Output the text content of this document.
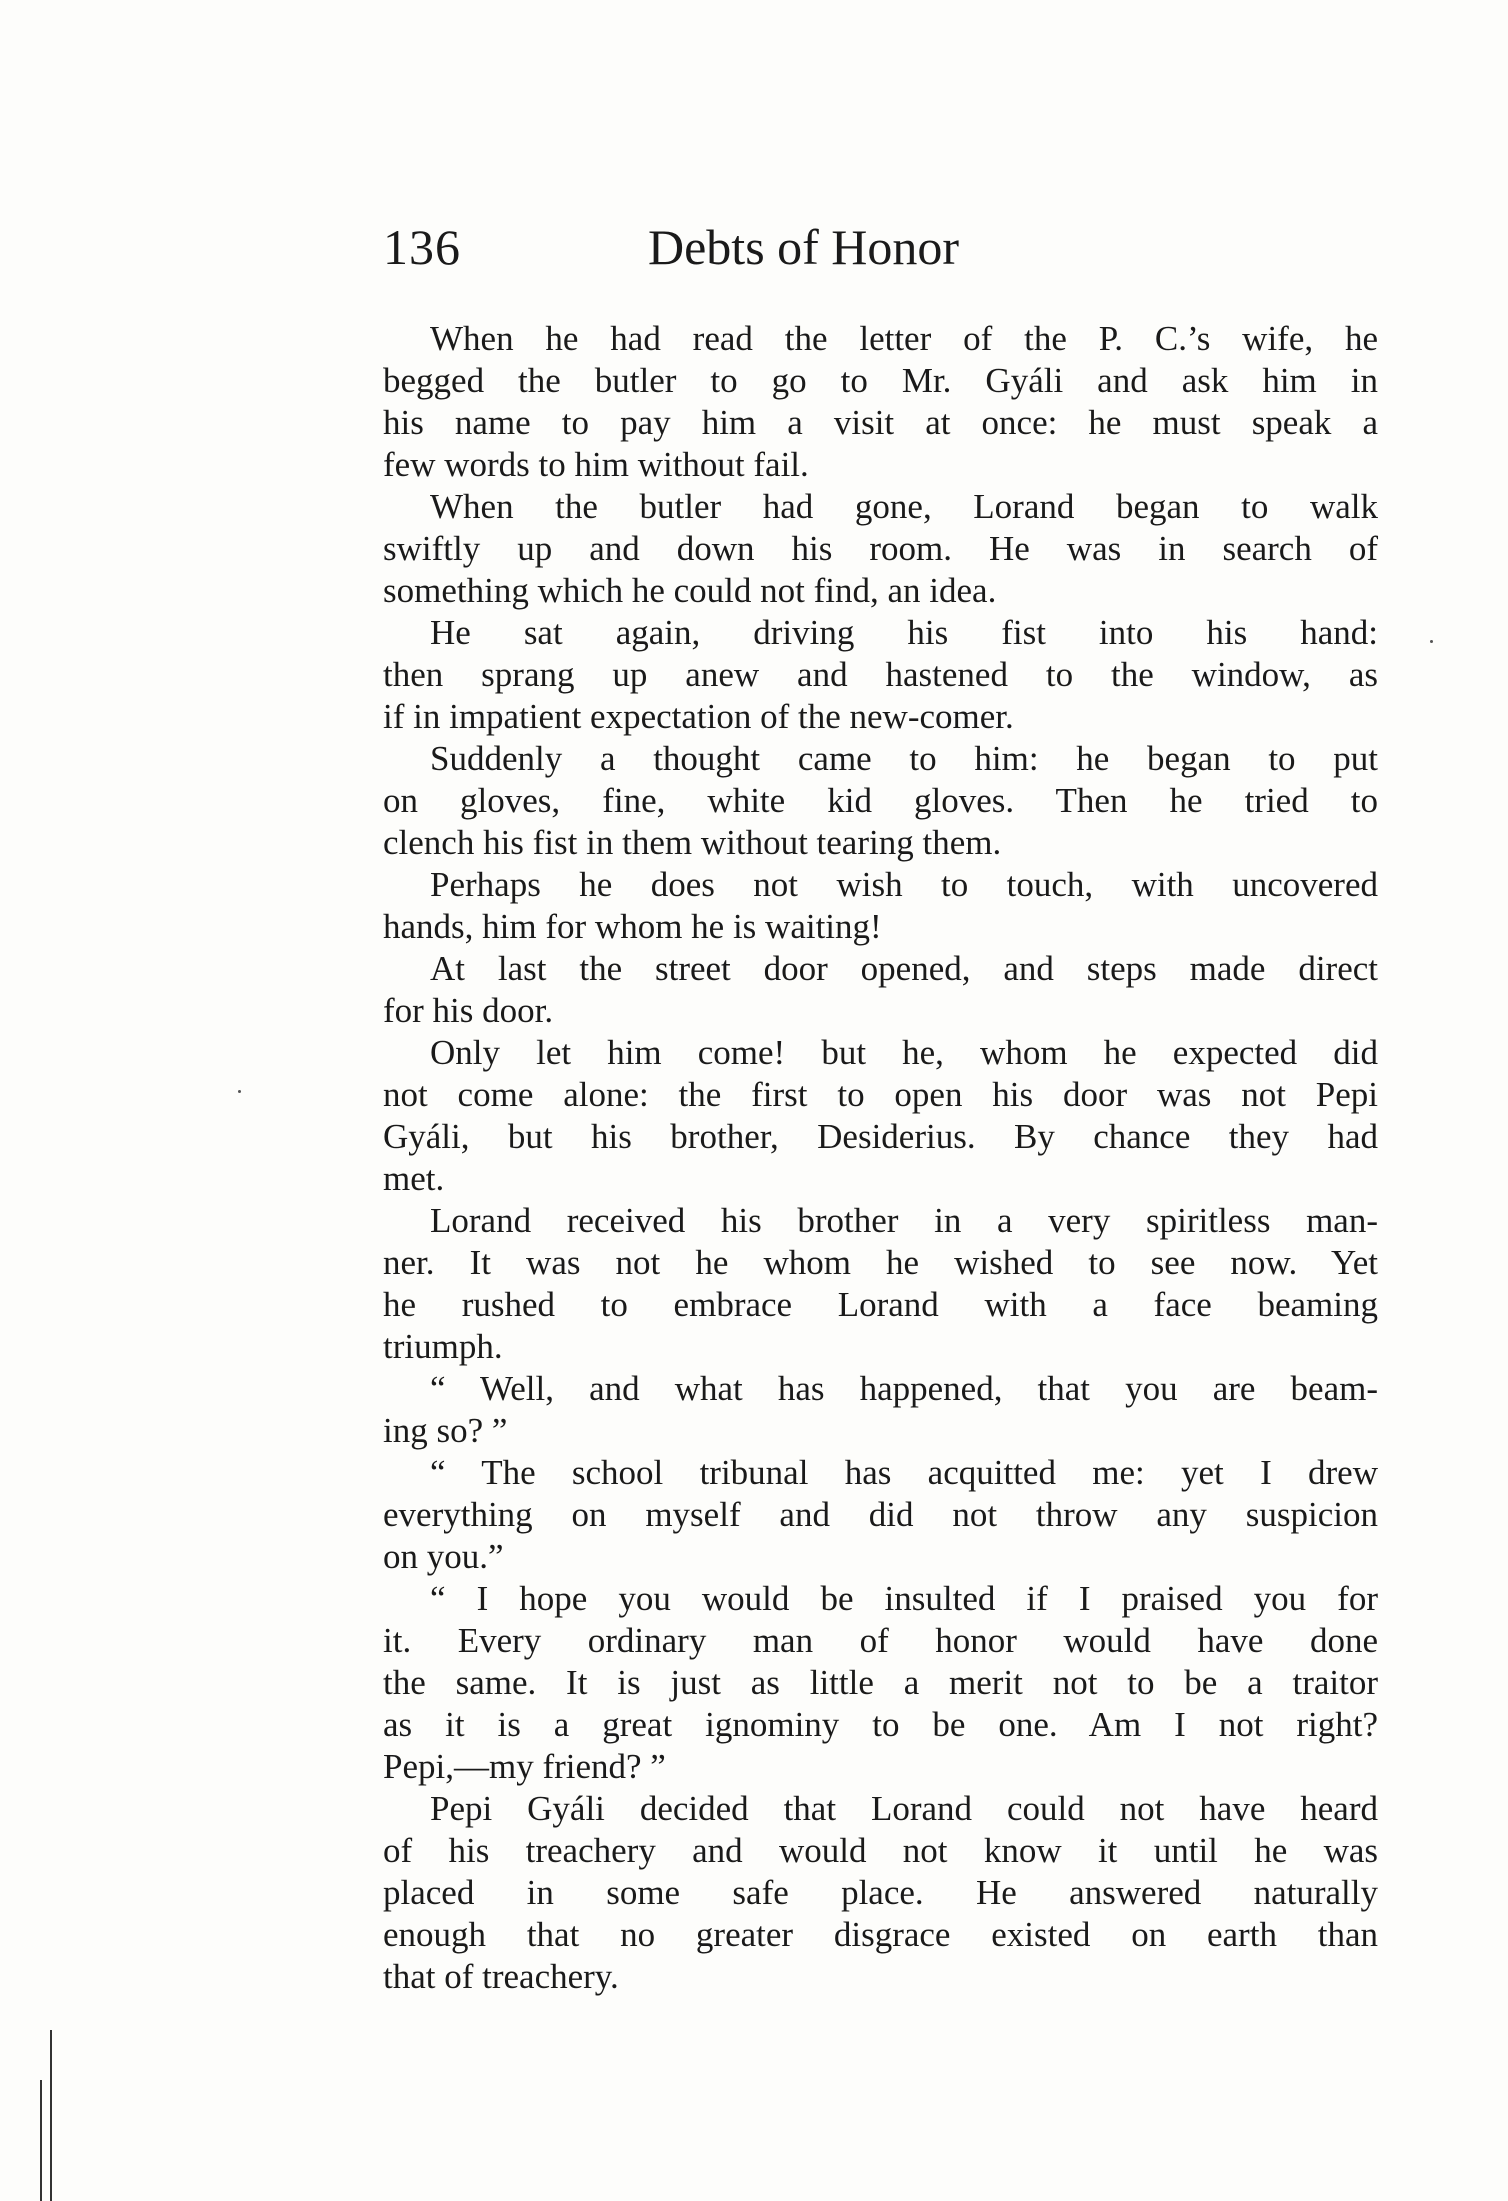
136	Debts of Honor

When he had read the letter of the P. C.’s wife, he
begged the butler to go to Mr. Gyáli and ask him in
his name to pay him a visit at once: he must speak a
few words to him without fail.

When the butler had gone, Lorand began to walk
swiftly up and down his room. He was in search of
something which he could not find, an idea.

He sat again, driving his fist into his hand:
then sprang up anew and hastened to the window, as
if in impatient expectation of the new-comer.

Suddenly a thought came to him: he began to put
on gloves, fine, white kid gloves. Then he tried to
clench his fist in them without tearing them.

Perhaps he does not wish to touch, with uncovered
hands, him for whom he is waiting!

At last the street door opened, and steps made direct
for his door.

Only let him come! but he, whom he expected did
not come alone: the first to open his door was not Pepi
Gyáli, but his brother, Desiderius. By chance they had
met.

Lorand received his brother in a very spiritless man-
ner. It was not he whom he wished to see now. Yet
he rushed to embrace Lorand with a face beaming
triumph.

“ Well, and what has happened, that you are beam-
ing so? ”

“ The school tribunal has acquitted me: yet I drew
everything on myself and did not throw any suspicion
on you.”

“ I hope you would be insulted if I praised you for
it. Every ordinary man of honor would have done
the same. It is just as little a merit not to be a traitor
as it is a great ignominy to be one. Am I not right?
Pepi,—my friend? ”

Pepi Gyáli decided that Lorand could not have heard
of his treachery and would not know it until he was
placed in some safe place. He answered naturally
enough that no greater disgrace existed on earth than
that of treachery.
